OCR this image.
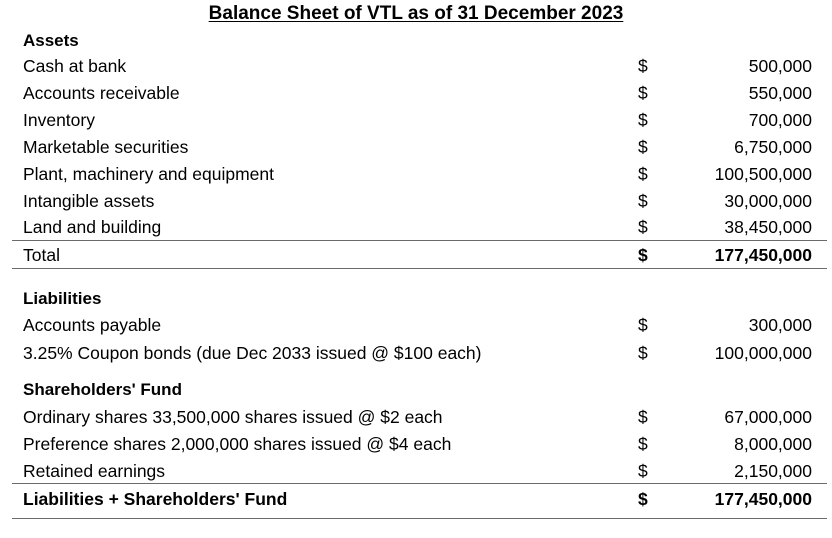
Balance Sheet of VTL as of 31 December 2023
Assets
Cash at bank	$	500,000
Accounts receivable	$	550,000
Inventory	$	700,000
Marketable securities	$	6,750,000
Plant, machinery and equipment	$	100,500,000
Intangible assets	$	30,000,000
Land and building	$	38,450,000
Total	$	177,450,000
Liabilities
Accounts payable	$	300,000
3.25% Coupon bonds (due Dec 2033 issued @ $100 each)	$	100,000,000
Shareholders' Fund
Ordinary shares 33,500,000 shares issued @ $2 each	$	67,000,000
Preference shares 2,000,000 shares issued @ $4 each	$	8,000,000
Retained earnings	$	2,150,000
Liabilities + Shareholders' Fund	$	177,450,000
